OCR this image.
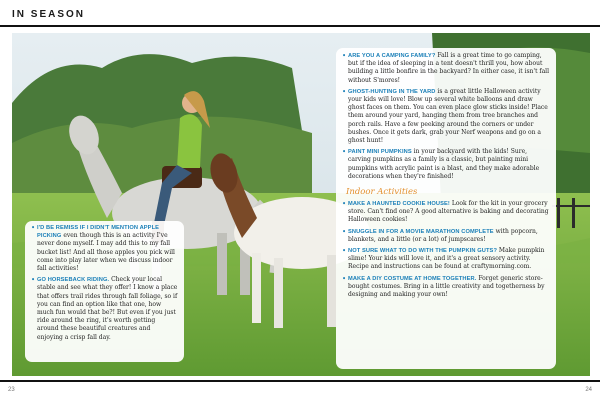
IN SEASON
• I'D BE REMISS IF I DIDN'T MENTION APPLE PICKING even though this is an activity I've never done myself. I may add this to my fall bucket list! And all those apples you pick will come into play later when we discuss indoor fall activities!
• GO HORSEBACK RIDING. Check your local stable and see what they offer! I know a place that offers trail rides through fall foliage, so if you can find an option like that one, how much fun would that be?! But even if you just ride around the ring, it's worth getting around these beautiful creatures and enjoying a crisp fall day.
• ARE YOU A CAMPING FAMILY? Fall is a great time to go camping, but if the idea of sleeping in a tent doesn't thrill you, how about building a little bonfire in the backyard? In either case, it isn't fall without S'mores!
• GHOST-HUNTING IN THE YARD is a great little Halloween activity your kids will love! Blow up several white balloons and draw ghost faces on them. You can even place glow sticks inside! Place them around your yard, hanging them from tree branches and porch rails. Have a few peeking around the corners or under bushes. Once it gets dark, grab your Nerf weapons and go on a ghost hunt!
• PAINT MINI PUMPKINS in your backyard with the kids! Sure, carving pumpkins as a family is a classic, but painting mini pumpkins with acrylic paint is a blast, and they make adorable decorations when they're finished!
Indoor Activities
• MAKE A HAUNTED COOKIE HOUSE! Look for the kit in your grocery store. Can't find one? A good alternative is baking and decorating Halloween cookies!
• SNUGGLE IN FOR A MOVIE MARATHON COMPLETE with popcorn, blankets, and a little (or a lot) of jumpscares!
• NOT SURE WHAT TO DO WITH THE PUMPKIN GUTS? Make pumpkin slime! Your kids will love it, and it's a great sensory activity. Recipe and instructions can be found at craftymorning.com.
• MAKE A DIY COSTUME AT HOME TOGETHER. Forget generic store-bought costumes. Bring in a little creativity and togetherness by designing and making your own!
23	24
